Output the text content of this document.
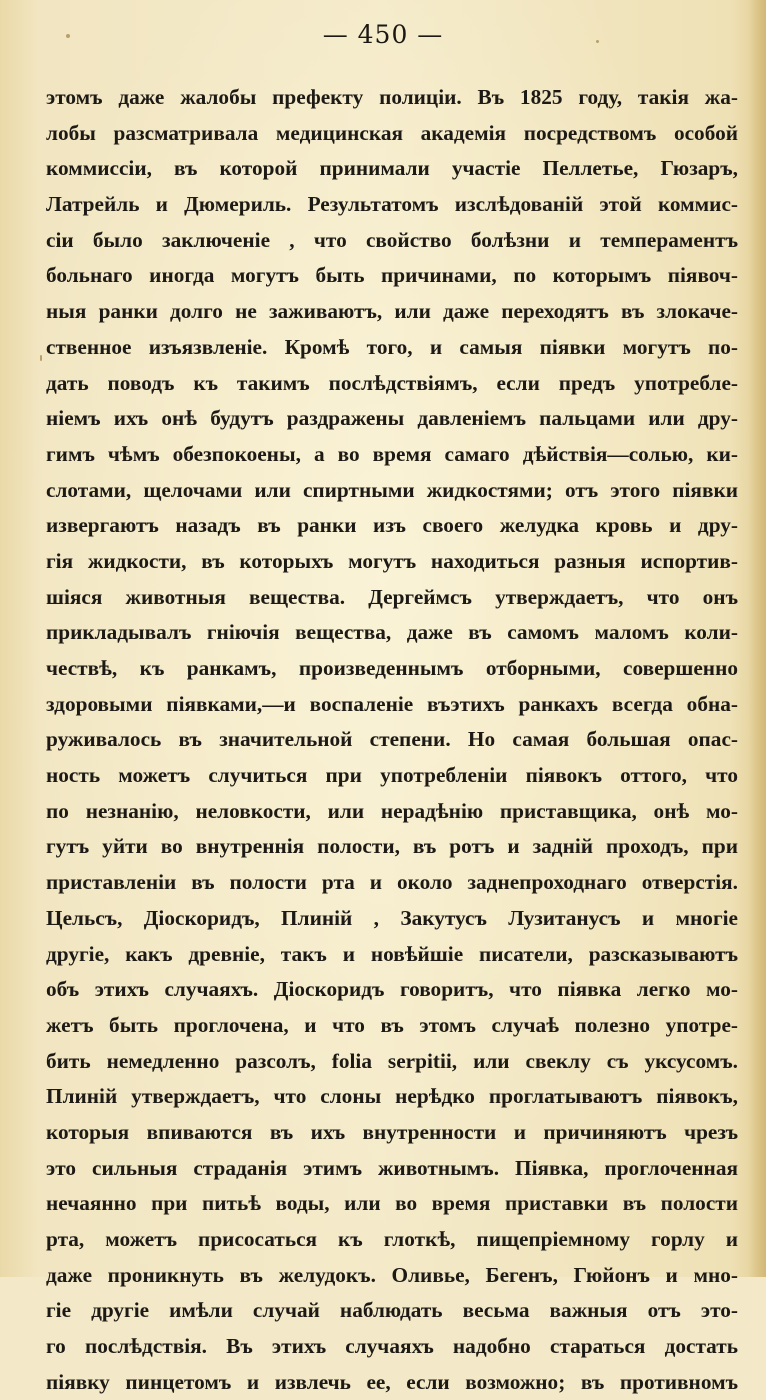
— 450 —
этомъ даже жалобы префекту полиціи. Въ 1825 году, такія жа-
лобы разсматривала медицинская академія посредствомъ особой
коммиссіи, въ которой принимали участіе Пеллетье, Гюзаръ,
Латрейль и Дюмериль. Результатомъ изслѣдованій этой коммис-
сіи было заключеніе , что свойство болѣзни и темпераментъ
больнаго иногда могутъ быть причинами, по которымъ піявоч-
ныя ранки долго не заживаютъ, или даже переходятъ въ злокаче-
ственное изъязвленіе. Кромѣ того, и самыя піявки могутъ по-
дать поводъ къ такимъ послѣдствіямъ, если предъ употребле-
ніемъ ихъ онѣ будутъ раздражены давленіемъ пальцами или дру-
гимъ чѣмъ обезпокоены, а во время самаго дѣйствія—солью, ки-
слотами, щелочами или спиртными жидкостями; отъ этого піявки
извергаютъ назадъ въ ранки изъ своего желудка кровь и дру-
гія жидкости, въ которыхъ могутъ находиться разныя испортив-
шіяся животныя вещества. Дергеймсъ утверждаетъ, что онъ
прикладывалъ гніючія вещества, даже въ самомъ маломъ коли-
чествѣ, къ ранкамъ, произведеннымъ отборными, совершенно
здоровыми піявками,—и воспаленіе въэтихъ ранкахъ всегда обна-
руживалось въ значительной степени. Но самая большая опас-
ность можетъ случиться при употребленіи піявокъ оттого, что
по незнанію, неловкости, или нерадѣнію приставщика, онѣ мо-
гутъ уйти во внутреннія полости, въ ротъ и задній проходъ, при
приставленіи въ полости рта и около заднепроходнаго отверстія.
Цельсъ, Діоскоридъ, Плиній , Закутусъ Лузитанусъ и многіе
другіе, какъ древніе, такъ и новѣйшіе писатели, разсказываютъ
объ этихъ случаяхъ. Діоскоридъ говоритъ, что піявка легко мо-
жетъ быть проглочена, и что въ этомъ случаѣ полезно употре-
бить немедленно разсолъ, folia serpitii, или свеклу съ уксусомъ.
Плиній утверждаетъ, что слоны нерѣдко проглатываютъ піявокъ,
которыя впиваются въ ихъ внутренности и причиняютъ чрезъ
это сильныя страданія этимъ животнымъ. Піявка, проглоченная
нечаянно при питьѣ воды, или во время приставки въ полости
рта, можетъ присосаться къ глоткѣ, пищепріемному горлу и
даже проникнуть въ желудокъ. Оливье, Бегенъ, Гюйонъ и мно-
гіе другіе имѣли случай наблюдать весьма важныя отъ это-
го послѣдствія. Въ этихъ случаяхъ надобно стараться достать
піявку пинцетомъ и извлечь ее, если возможно; въ противномъ
